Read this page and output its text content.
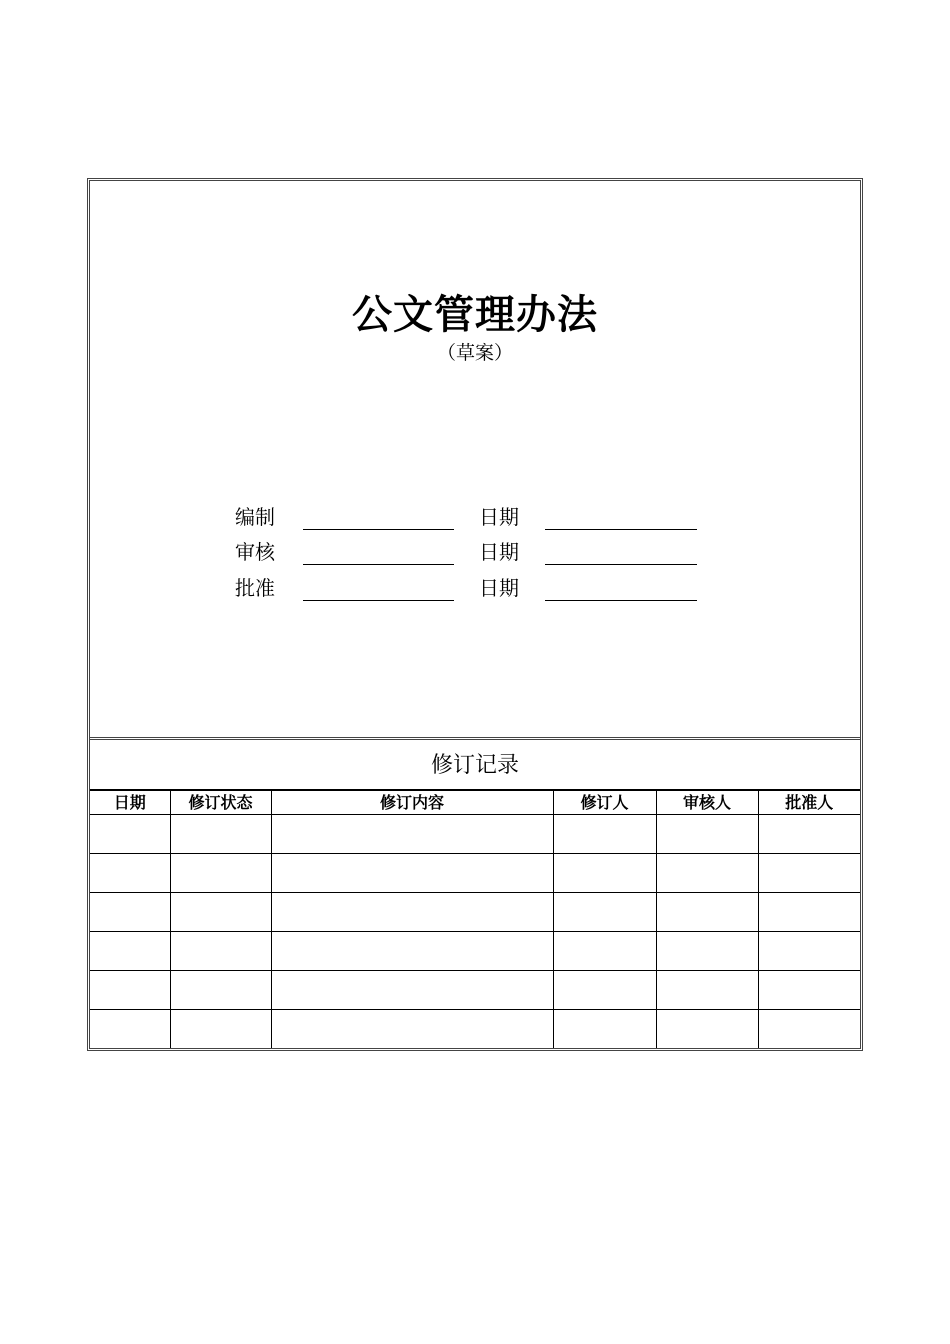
公文管理办法
（草案）
编制	日期
审核	日期
批准	日期
修订记录
日期	修订状态	修订内容	修订人	审核人	批准人
